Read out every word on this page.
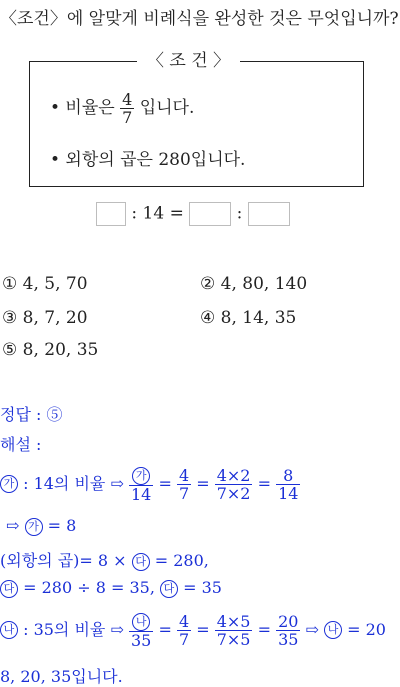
〈조건〉에 알맞게 비례식을 완성한 것은 무엇입니까?
〈 조 건 〉
• 비율은 $\frac{4}{7}$ 입니다.
• 외항의 곱은 280입니다.
: 14 =	:
① 4, 5, 70	② 4, 80, 140
③ 8, 7, 20	④ 8, 14, 35
⑤ 8, 20, 35
정답 : ⑤
해설 :
가 : 14의 비율 ⇨ $\frac{\text{가}}{14} = \frac{4}{7} = \frac{4\times 2}{7\times 2} = \frac{8}{14}$
⇨ 가 = 8
(외항의 곱)= 8 × 다 = 280,
다 = 280 ÷ 8 = 35, 다 = 35
나 : 35의 비율 ⇨ $\frac{\text{나}}{35} = \frac{4}{7} = \frac{4\times 5}{7\times 5} = \frac{20}{35}$ ⇨ 나 = 20
8, 20, 35입니다.
